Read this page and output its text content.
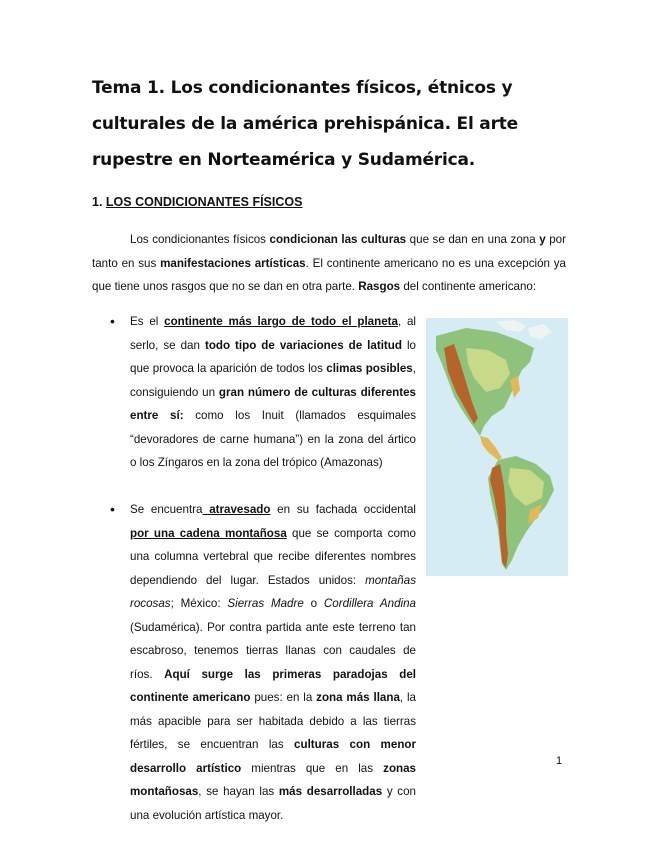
Tema 1. Los condicionantes físicos, étnicos y culturales de la américa prehispánica. El arte rupestre en Norteamérica y Sudamérica.
1. LOS CONDICIONANTES FÍSICOS

Los condicionantes físicos condicionan las culturas que se dan en una zona y por tanto en sus manifestaciones artísticas. El continente americano no es una excepción ya que tiene unos rasgos que no se dan en otra parte. Rasgos del continente americano:

• Es el continente más largo de todo el planeta, al serlo, se dan todo tipo de variaciones de latitud lo que provoca la aparición de todos los climas posibles, consiguiendo un gran número de culturas diferentes entre sí: como los Inuit (llamados esquimales “devoradores de carne humana”) en la zona del ártico o los Zíngaros en la zona del trópico (Amazonas)

• Se encuentra atravesado en su fachada occidental por una cadena montañosa que se comporta como una columna vertebral que recibe diferentes nombres dependiendo del lugar. Estados unidos: montañas rocosas; México: Sierras Madre o Cordillera Andina (Sudamérica). Por contra partida ante este terreno tan escabroso, tenemos tierras llanas con caudales de ríos. Aquí surge las primeras paradojas del continente americano pues: en la zona más llana, la más apacible para ser habitada debido a las tierras fértiles, se encuentran las culturas con menor desarrollo artístico mientras que en las zonas montañosas, se hayan las más desarrolladas y con una evolución artística mayor.

1
